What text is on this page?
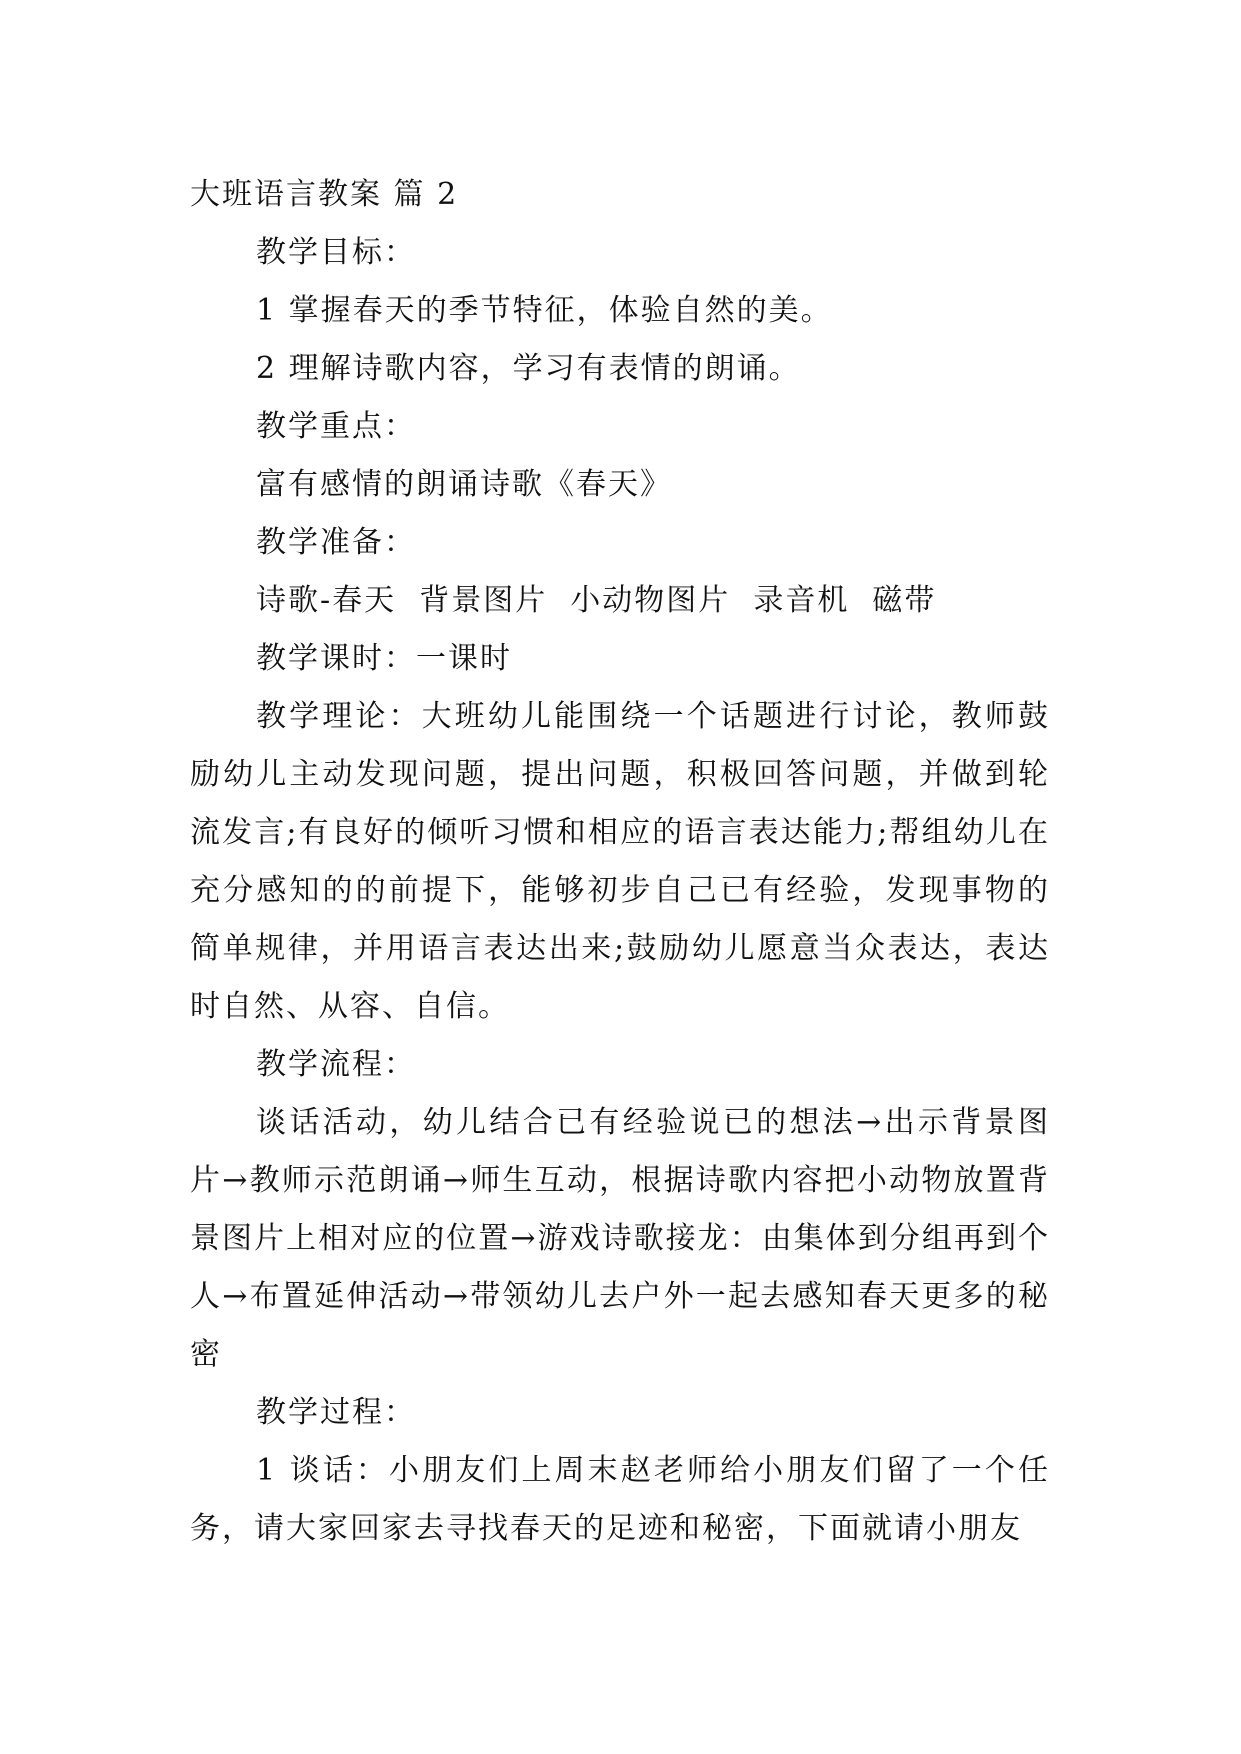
大班语言教案 篇 2
教学目标：
1 掌握春天的季节特征，体验自然的美。
2 理解诗歌内容，学习有表情的朗诵。
教学重点：
富有感情的朗诵诗歌《春天》
教学准备：
诗歌-春天  背景图片  小动物图片  录音机  磁带
教学课时：一课时

教学理论：大班幼儿能围绕一个话题进行讨论，教师鼓励幼儿主动发现问题，提出问题，积极回答问题，并做到轮流发言;有良好的倾听习惯和相应的语言表达能力;帮组幼儿在充分感知的的前提下，能够初步自己已有经验，发现事物的简单规律，并用语言表达出来;鼓励幼儿愿意当众表达，表达时自然、从容、自信。

教学流程：

谈话活动，幼儿结合已有经验说已的想法→出示背景图片→教师示范朗诵→师生互动，根据诗歌内容把小动物放置背景图片上相对应的位置→游戏诗歌接龙：由集体到分组再到个人→布置延伸活动→带领幼儿去户外一起去感知春天更多的秘密

教学过程：

1 谈话：小朋友们上周末赵老师给小朋友们留了一个任务，请大家回家去寻找春天的足迹和秘密，下面就请小朋友
